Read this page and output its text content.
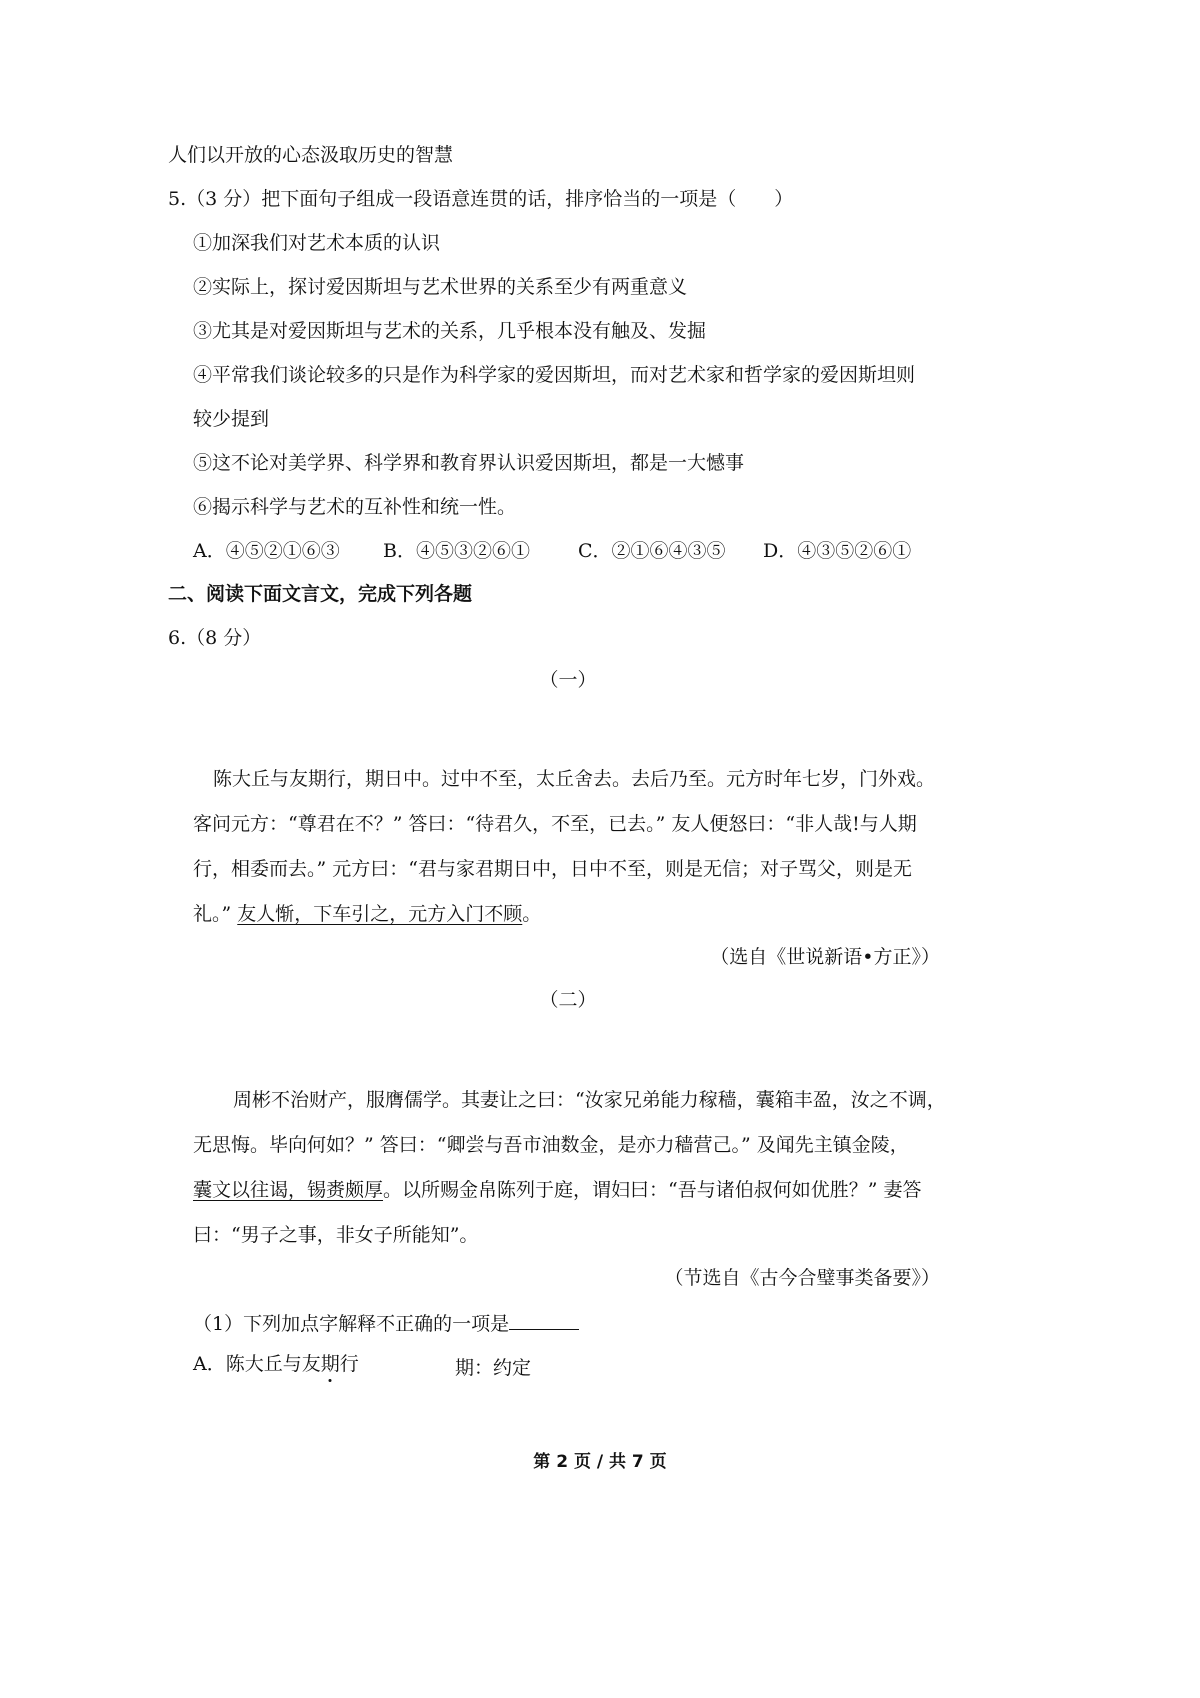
人们以开放的心态汲取历史的智慧
5.（3 分）把下面句子组成一段语意连贯的话，排序恰当的一项是（　　）
①加深我们对艺术本质的认识
②实际上，探讨爱因斯坦与艺术世界的关系至少有两重意义
③尤其是对爱因斯坦与艺术的关系，几乎根本没有触及、发掘
④平常我们谈论较多的只是作为科学家的爱因斯坦，而对艺术家和哲学家的爱因斯坦则
较少提到
⑤这不论对美学界、科学界和教育界认识爱因斯坦，都是一大憾事
⑥揭示科学与艺术的互补性和统一性。
A．④⑤②①⑥③ B．④⑤③②⑥①	C．②①⑥④③⑤ D．④③⑤②⑥①
二、阅读下面文言文，完成下列各题
6.（8 分）
（一）
陈大丘与友期行，期日中。过中不至，太丘舍去。去后乃至。元方时年七岁，门外戏。
客问元方：“尊君在不？” 答曰：“待君久，不至，已去。” 友人便怒曰：“非人哉!与人期
行，相委而去。” 元方曰：“君与家君期日中，日中不至，则是无信；对子骂父，则是无
礼。” 友人惭，下车引之，元方入门不顾。
（选自《世说新语•方正》）
（二）
周彬不治财产，服膺儒学。其妻让之曰：“汝家兄弟能力稼穑，囊箱丰盈，汝之不调，
无思悔。毕向何如？” 答曰：“卿尝与吾市油数金，是亦力穑营己。” 及闻先主镇金陵，
囊文以往谒，锡赉颇厚。以所赐金帛陈列于庭，谓妇曰：“吾与诸伯叔何如优胜？” 妻答
曰：“男子之事，非女子所能知”。
（节选自《古今合璧事类备要》）
（1）下列加点字解释不正确的一项是
A．陈大丘与友期行	期：约定
第 2 页 / 共 7 页
